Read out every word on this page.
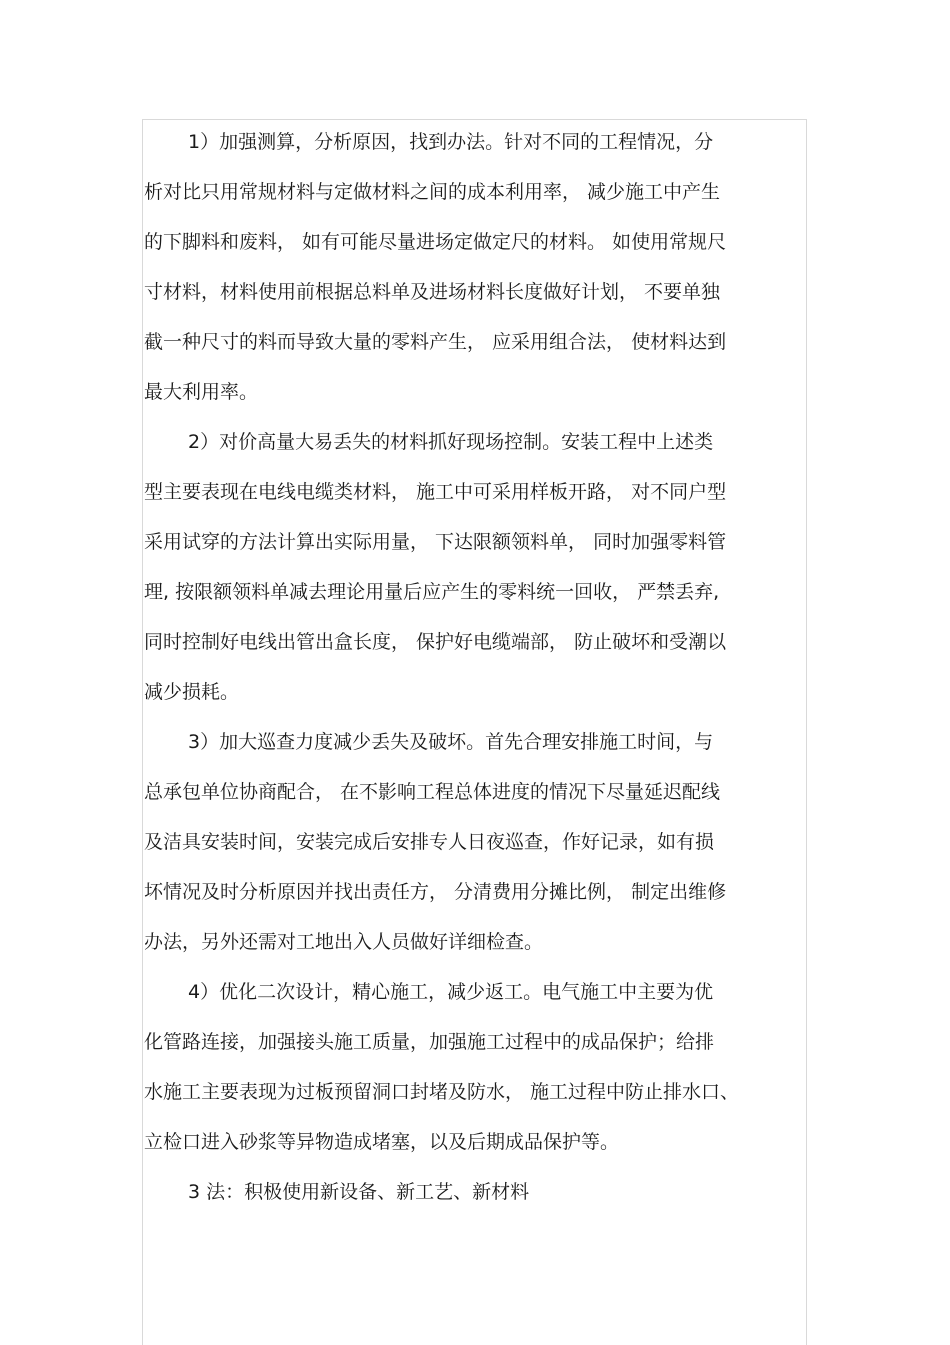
1）加强测算，分析原因，找到办法。针对不同的工程情况，分
析对比只用常规材料与定做材料之间的成本利用率， 减少施工中产生
的下脚料和废料， 如有可能尽量进场定做定尺的材料。 如使用常规尺
寸材料，材料使用前根据总料单及进场材料长度做好计划， 不要单独
截一种尺寸的料而导致大量的零料产生， 应采用组合法， 使材料达到
最大利用率。
2）对价高量大易丢失的材料抓好现场控制。安装工程中上述类
型主要表现在电线电缆类材料， 施工中可采用样板开路， 对不同户型
采用试穿的方法计算出实际用量， 下达限额领料单， 同时加强零料管
理, 按限额领料单减去理论用量后应产生的零料统一回收， 严禁丢弃,
同时控制好电线出管出盒长度， 保护好电缆端部， 防止破坏和受潮以
减少损耗。
3）加大巡查力度减少丢失及破坏。首先合理安排施工时间，与
总承包单位协商配合， 在不影响工程总体进度的情况下尽量延迟配线
及洁具安装时间，安装完成后安排专人日夜巡查，作好记录，如有损
坏情况及时分析原因并找出责任方， 分清费用分摊比例， 制定出维修
办法，另外还需对工地出入人员做好详细检查。
4）优化二次设计，精心施工，减少返工。电气施工中主要为优
化管路连接，加强接头施工质量，加强施工过程中的成品保护；给排
水施工主要表现为过板预留洞口封堵及防水， 施工过程中防止排水口、
立检口进入砂浆等异物造成堵塞，以及后期成品保护等。
3 法：积极使用新设备、新工艺、新材料
